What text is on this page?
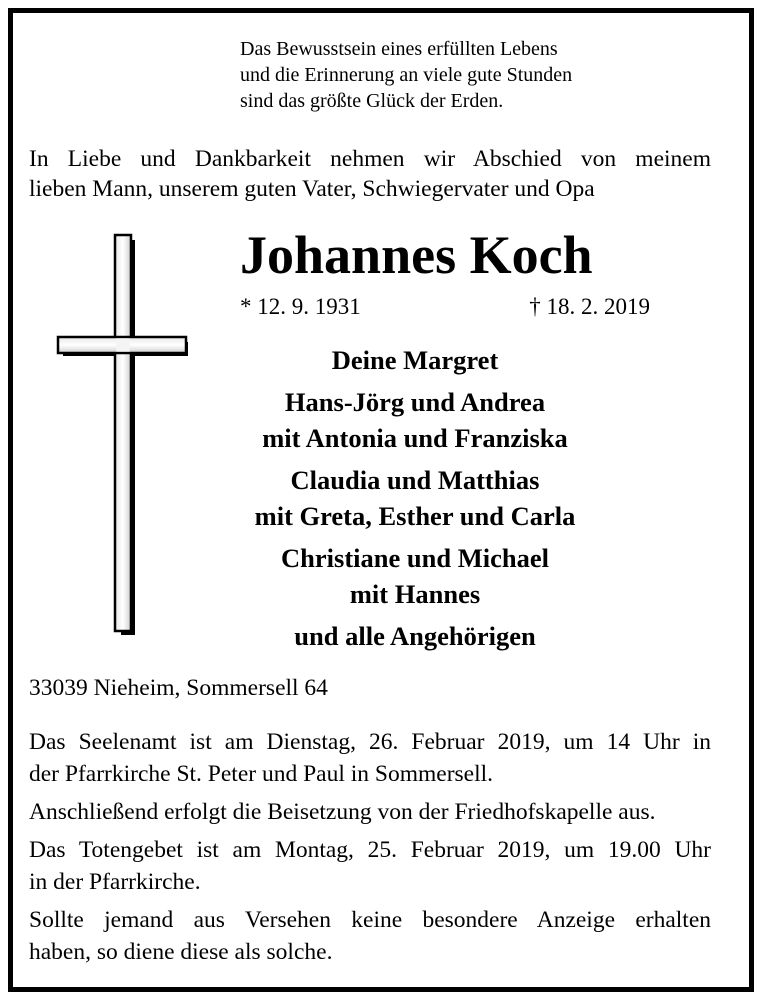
Das Bewusstsein eines erfüllten Lebens
und die Erinnerung an viele gute Stunden
sind das größte Glück der Erden.
In Liebe und Dankbarkeit nehmen wir Abschied von meinem
lieben Mann, unserem guten Vater, Schwiegervater und Opa
Johannes Koch
* 12. 9. 1931	† 18. 2. 2019
Deine Margret
Hans-Jörg und Andrea
mit Antonia und Franziska
Claudia und Matthias
mit Greta, Esther und Carla
Christiane und Michael
mit Hannes
und alle Angehörigen
33039 Nieheim, Sommersell 64
Das Seelenamt ist am Dienstag, 26. Februar 2019, um 14 Uhr in
der Pfarrkirche St. Peter und Paul in Sommersell.
Anschließend erfolgt die Beisetzung von der Friedhofskapelle aus.
Das Totengebet ist am Montag, 25. Februar 2019, um 19.00 Uhr
in der Pfarrkirche.
Sollte jemand aus Versehen keine besondere Anzeige erhalten
haben, so diene diese als solche.
